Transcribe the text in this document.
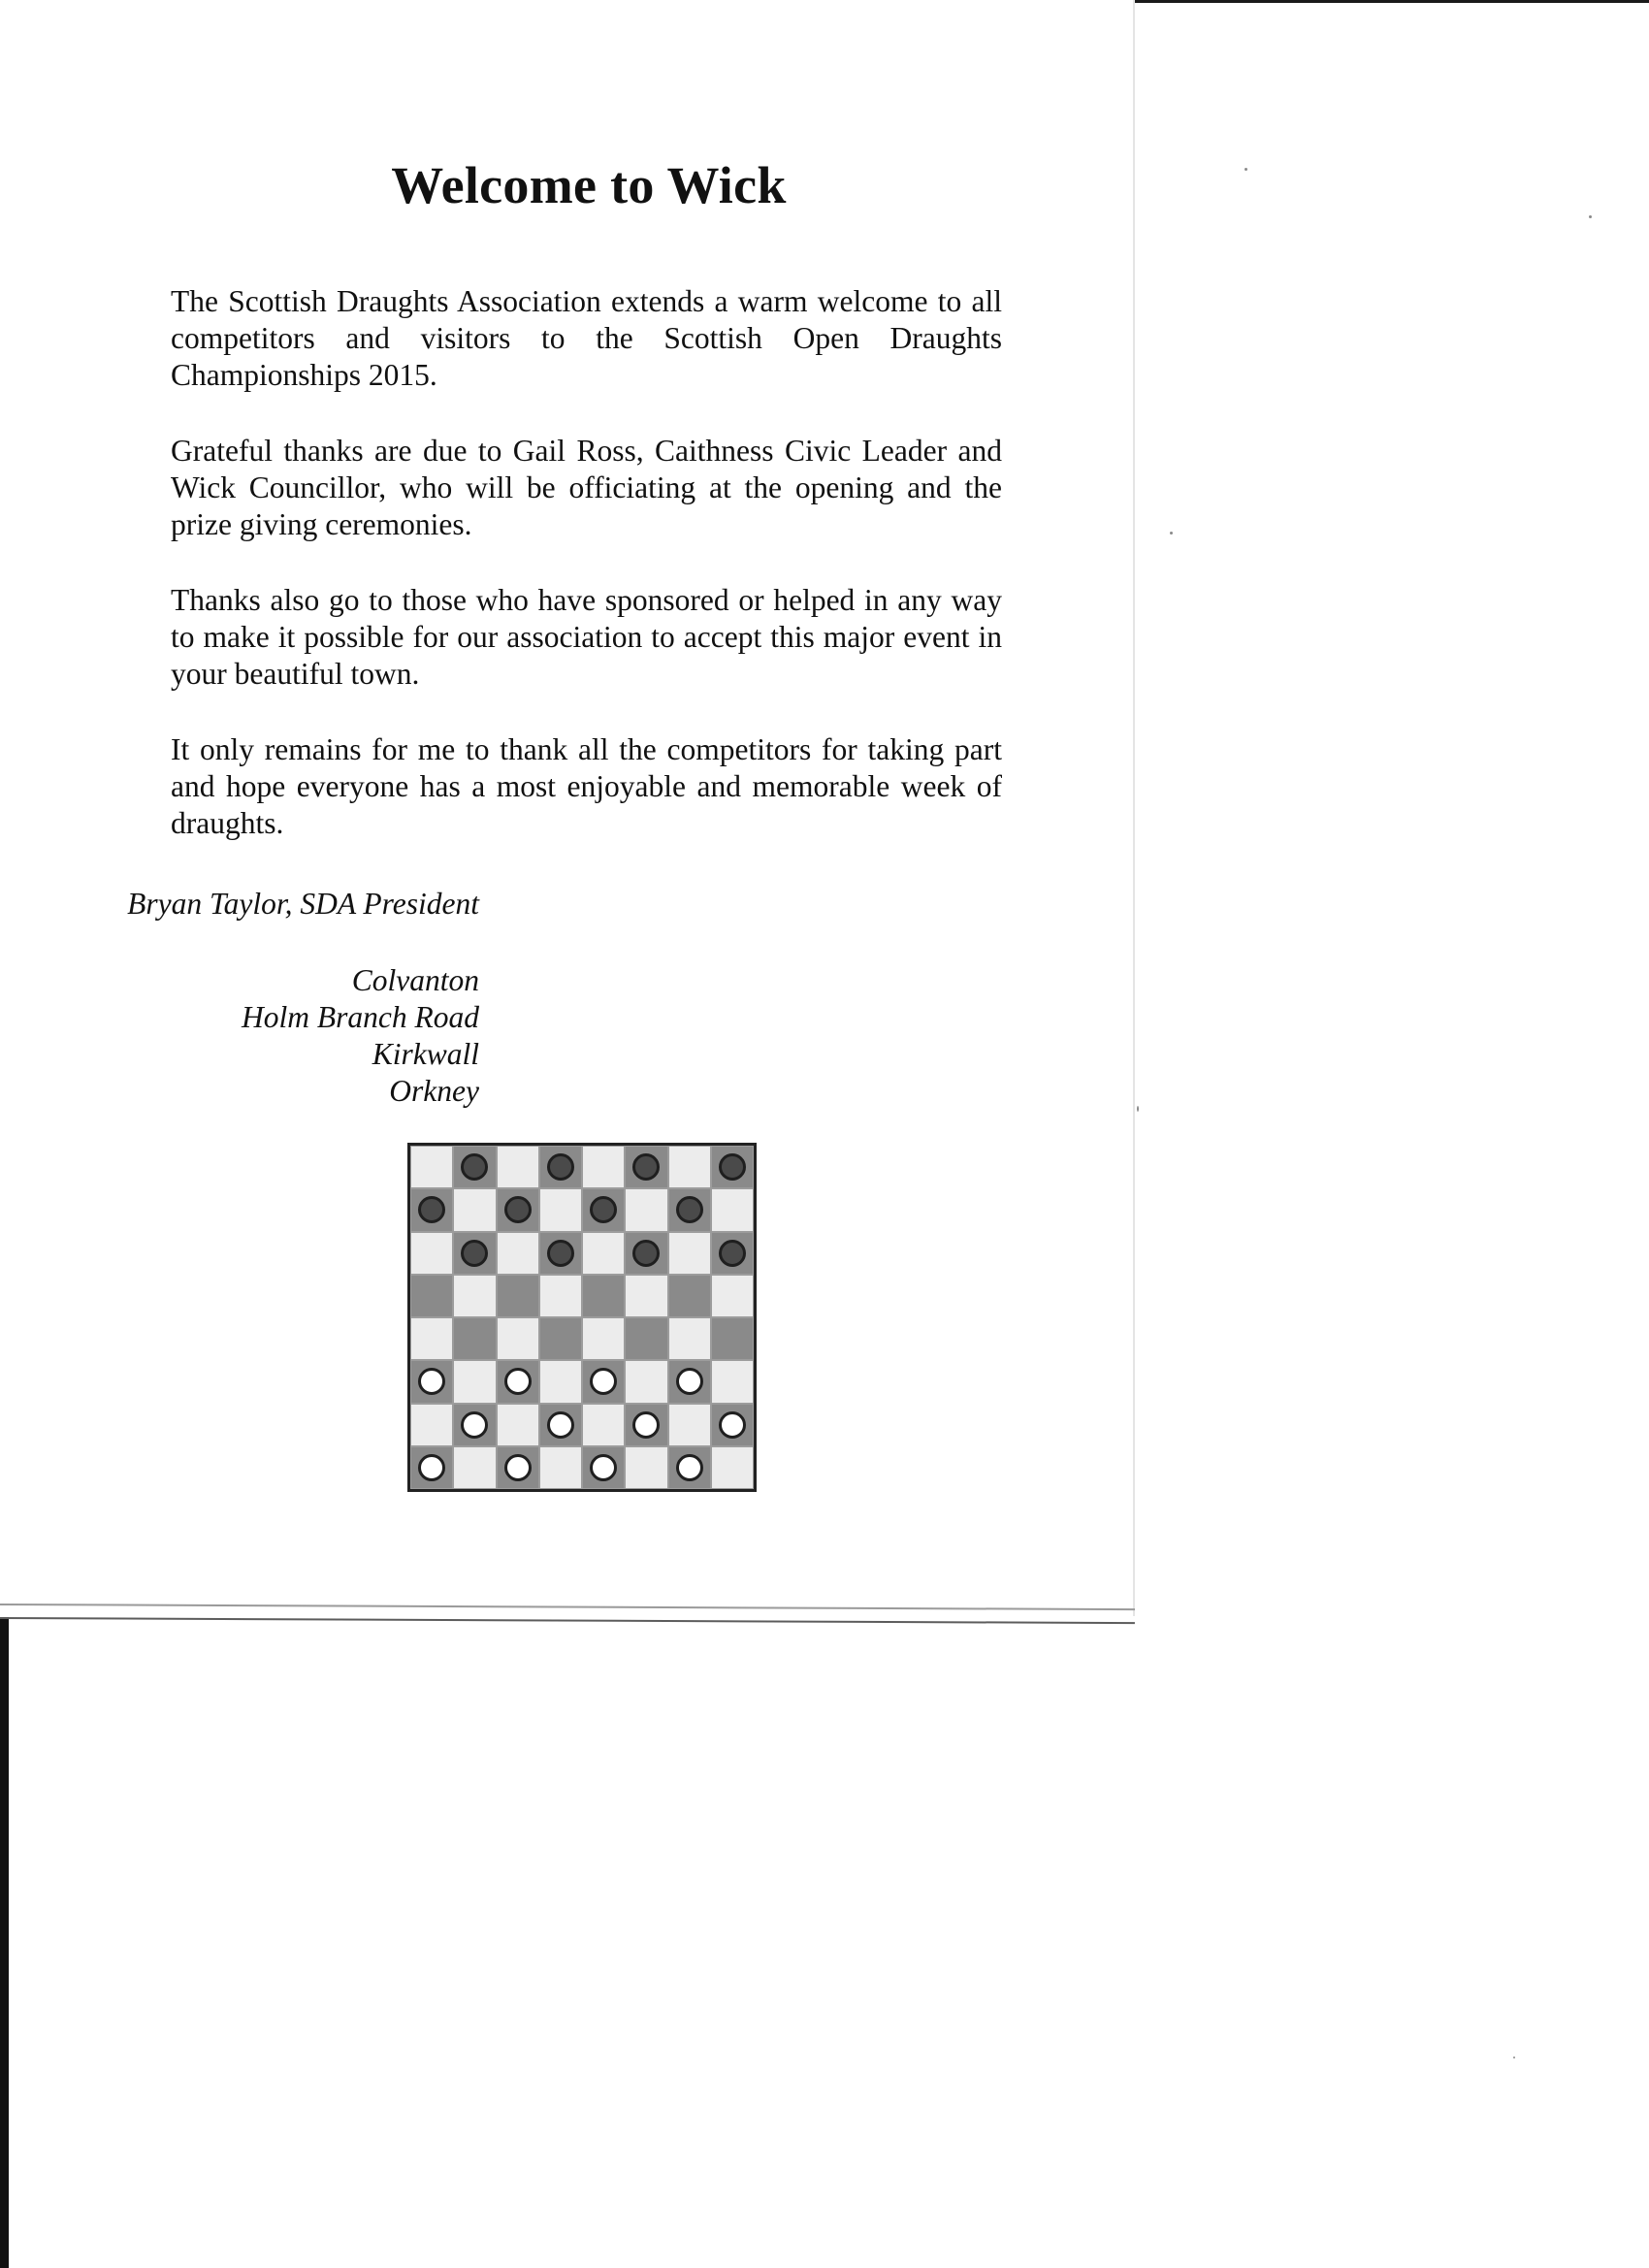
Welcome to Wick

The Scottish Draughts Association extends a warm welcome to all competitors and visitors to the Scottish Open Draughts Championships 2015.

Grateful thanks are due to Gail Ross, Caithness Civic Leader and Wick Councillor, who will be officiating at the opening and the prize giving ceremonies.

Thanks also go to those who have sponsored or helped in any way to make it possible for our association to accept this major event in your beautiful town.

It only remains for me to thank all the competitors for taking part and hope everyone has a most enjoyable and memorable week of draughts.

Bryan Taylor, SDA President
Colvanton
Holm Branch Road
Kirkwall
Orkney
